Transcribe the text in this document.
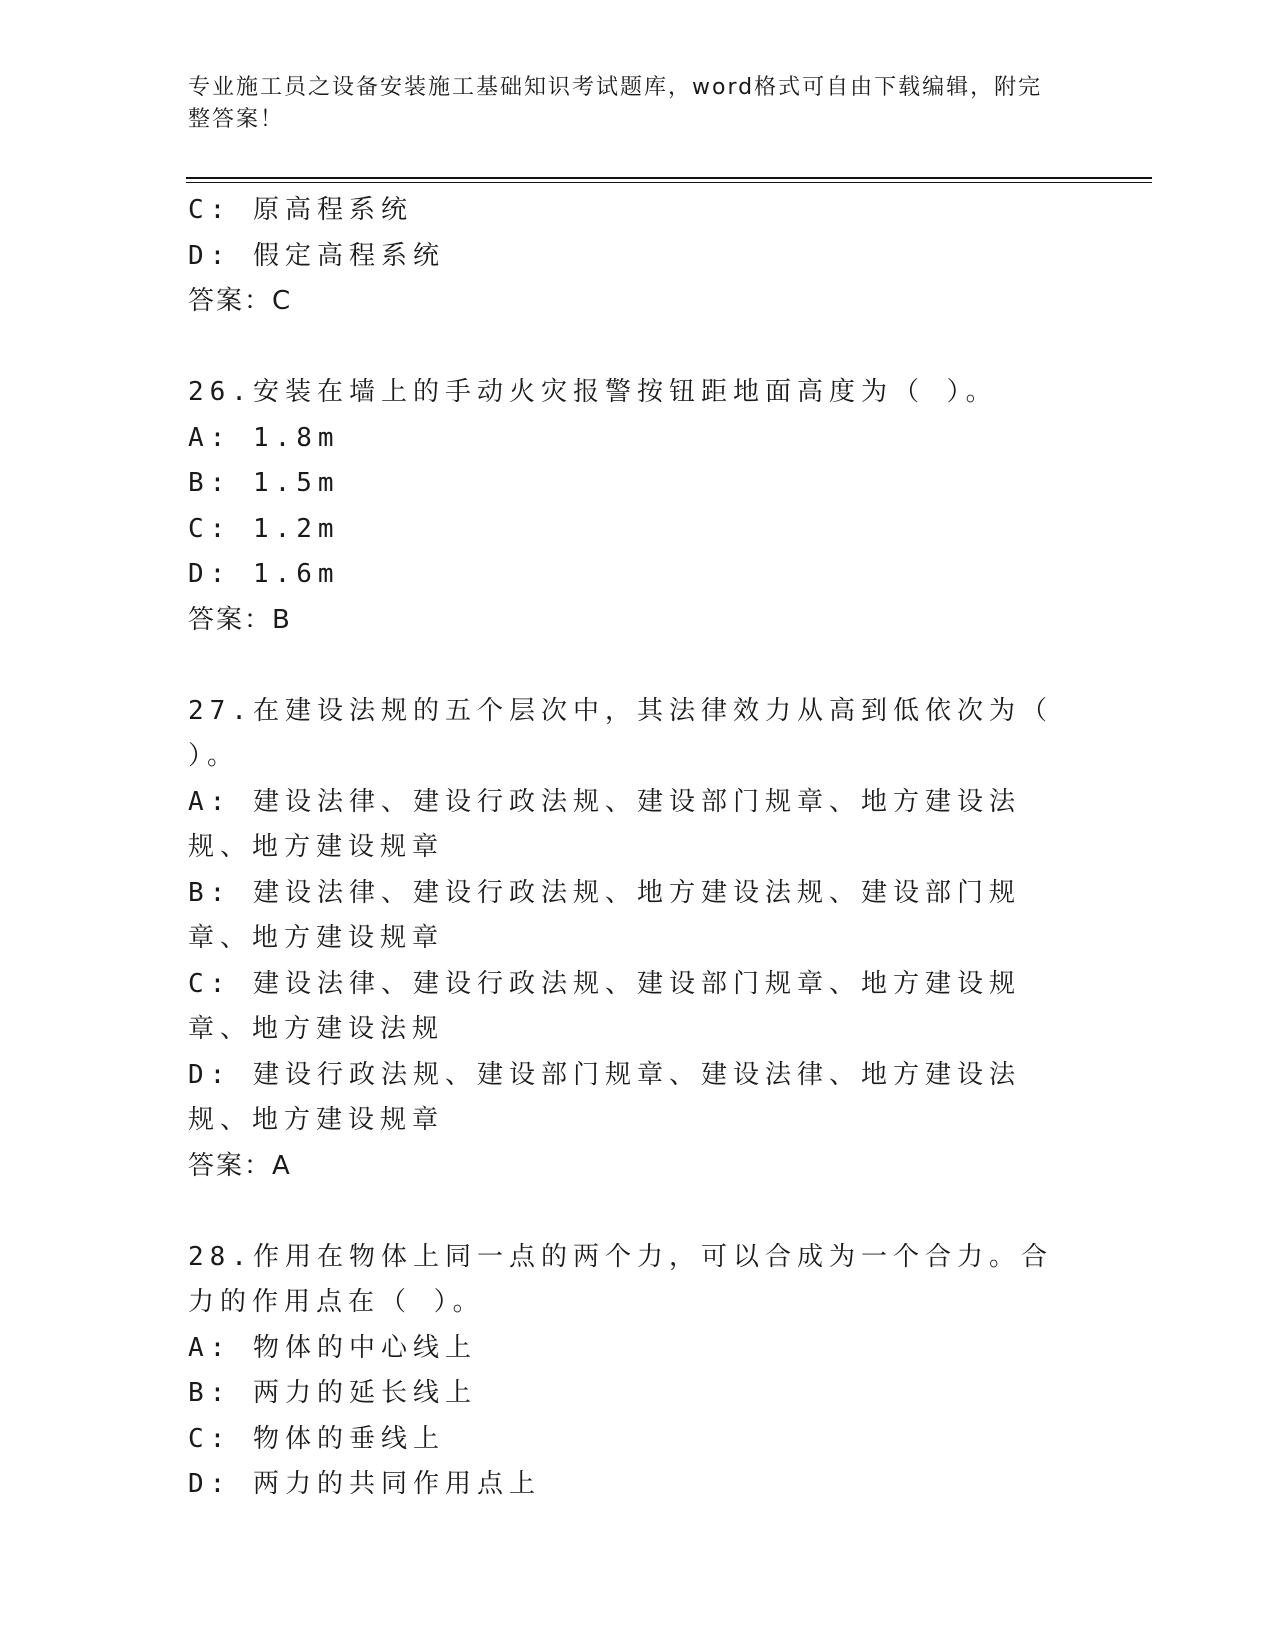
专业施工员之设备安装施工基础知识考试题库，word格式可自由下载编辑，附完
整答案！
C: 原高程系统
D: 假定高程系统
答案：C
26.安装在墙上的手动火灾报警按钮距地面高度为（ ）。
A: 1.8m
B: 1.5m
C: 1.2m
D: 1.6m
答案：B
27.在建设法规的五个层次中，其法律效力从高到低依次为（ ）。
A: 建设法律、建设行政法规、建设部门规章、地方建设法规、地方建设规章
B: 建设法律、建设行政法规、地方建设法规、建设部门规章、地方建设规章
C: 建设法律、建设行政法规、建设部门规章、地方建设规章、地方建设法规
D: 建设行政法规、建设部门规章、建设法律、地方建设法规、地方建设规章
答案：A
28.作用在物体上同一点的两个力，可以合成为一个合力。合力的作用点在（ ）。
A: 物体的中心线上
B: 两力的延长线上
C: 物体的垂线上
D: 两力的共同作用点上
